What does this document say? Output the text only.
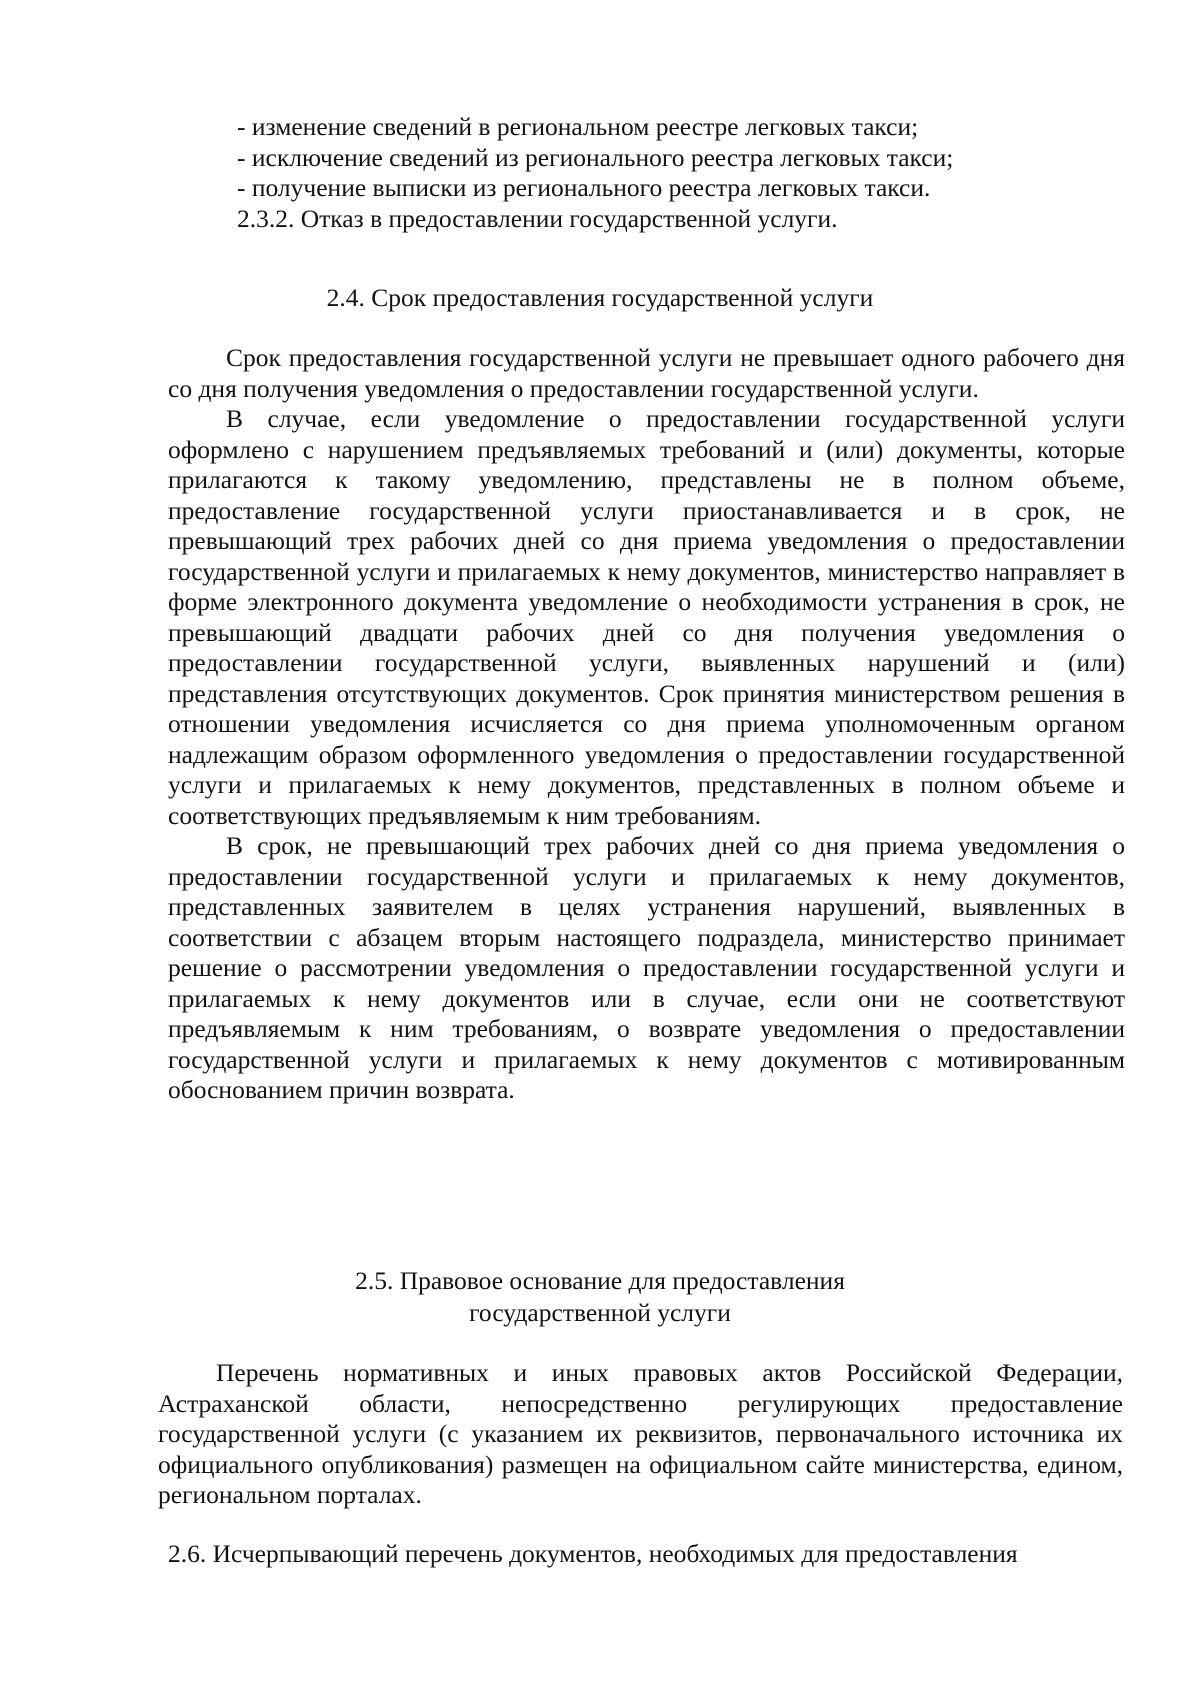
- изменение сведений в региональном реестре легковых такси;
- исключение сведений из регионального реестра легковых такси;
- получение выписки из регионального реестра легковых такси.
2.3.2. Отказ в предоставлении государственной услуги.
2.4. Срок предоставления государственной услуги
Срок предоставления государственной услуги не превышает одного рабочего дня со дня получения уведомления о предоставлении государственной услуги.
В случае, если уведомление о предоставлении государственной услуги оформлено с нарушением предъявляемых требований и (или) документы, которые прилагаются к такому уведомлению, представлены не в полном объеме, предоставление государственной услуги приостанавливается и в срок, не превышающий трех рабочих дней со дня приема уведомления о предоставлении государственной услуги и прилагаемых к нему документов, министерство направляет в форме электронного документа уведомление о необходимости устранения в срок, не превышающий двадцати рабочих дней со дня получения уведомления о предоставлении государственной услуги, выявленных нарушений и (или) представления отсутствующих документов. Срок принятия министерством решения в отношении уведомления исчисляется со дня приема уполномоченным органом надлежащим образом оформленного уведомления о предоставлении государственной услуги и прилагаемых к нему документов, представленных в полном объеме и соответствующих предъявляемым к ним требованиям.
В срок, не превышающий трех рабочих дней со дня приема уведомления о предоставлении государственной услуги и прилагаемых к нему документов, представленных заявителем в целях устранения нарушений, выявленных в соответствии с абзацем вторым настоящего подраздела, министерство принимает решение о рассмотрении уведомления о предоставлении государственной услуги и прилагаемых к нему документов или в случае, если они не соответствуют предъявляемым к ним требованиям, о возврате уведомления о предоставлении государственной услуги и прилагаемых к нему документов с мотивированным обоснованием причин возврата.
2.5. Правовое основание для предоставления
государственной услуги
Перечень нормативных и иных правовых актов Российской Федерации, Астраханской области, непосредственно регулирующих предоставление государственной услуги (с указанием их реквизитов, первоначального источника их официального опубликования) размещен на официальном сайте министерства, едином, региональном порталах.
2.6. Исчерпывающий перечень документов, необходимых для предоставления
